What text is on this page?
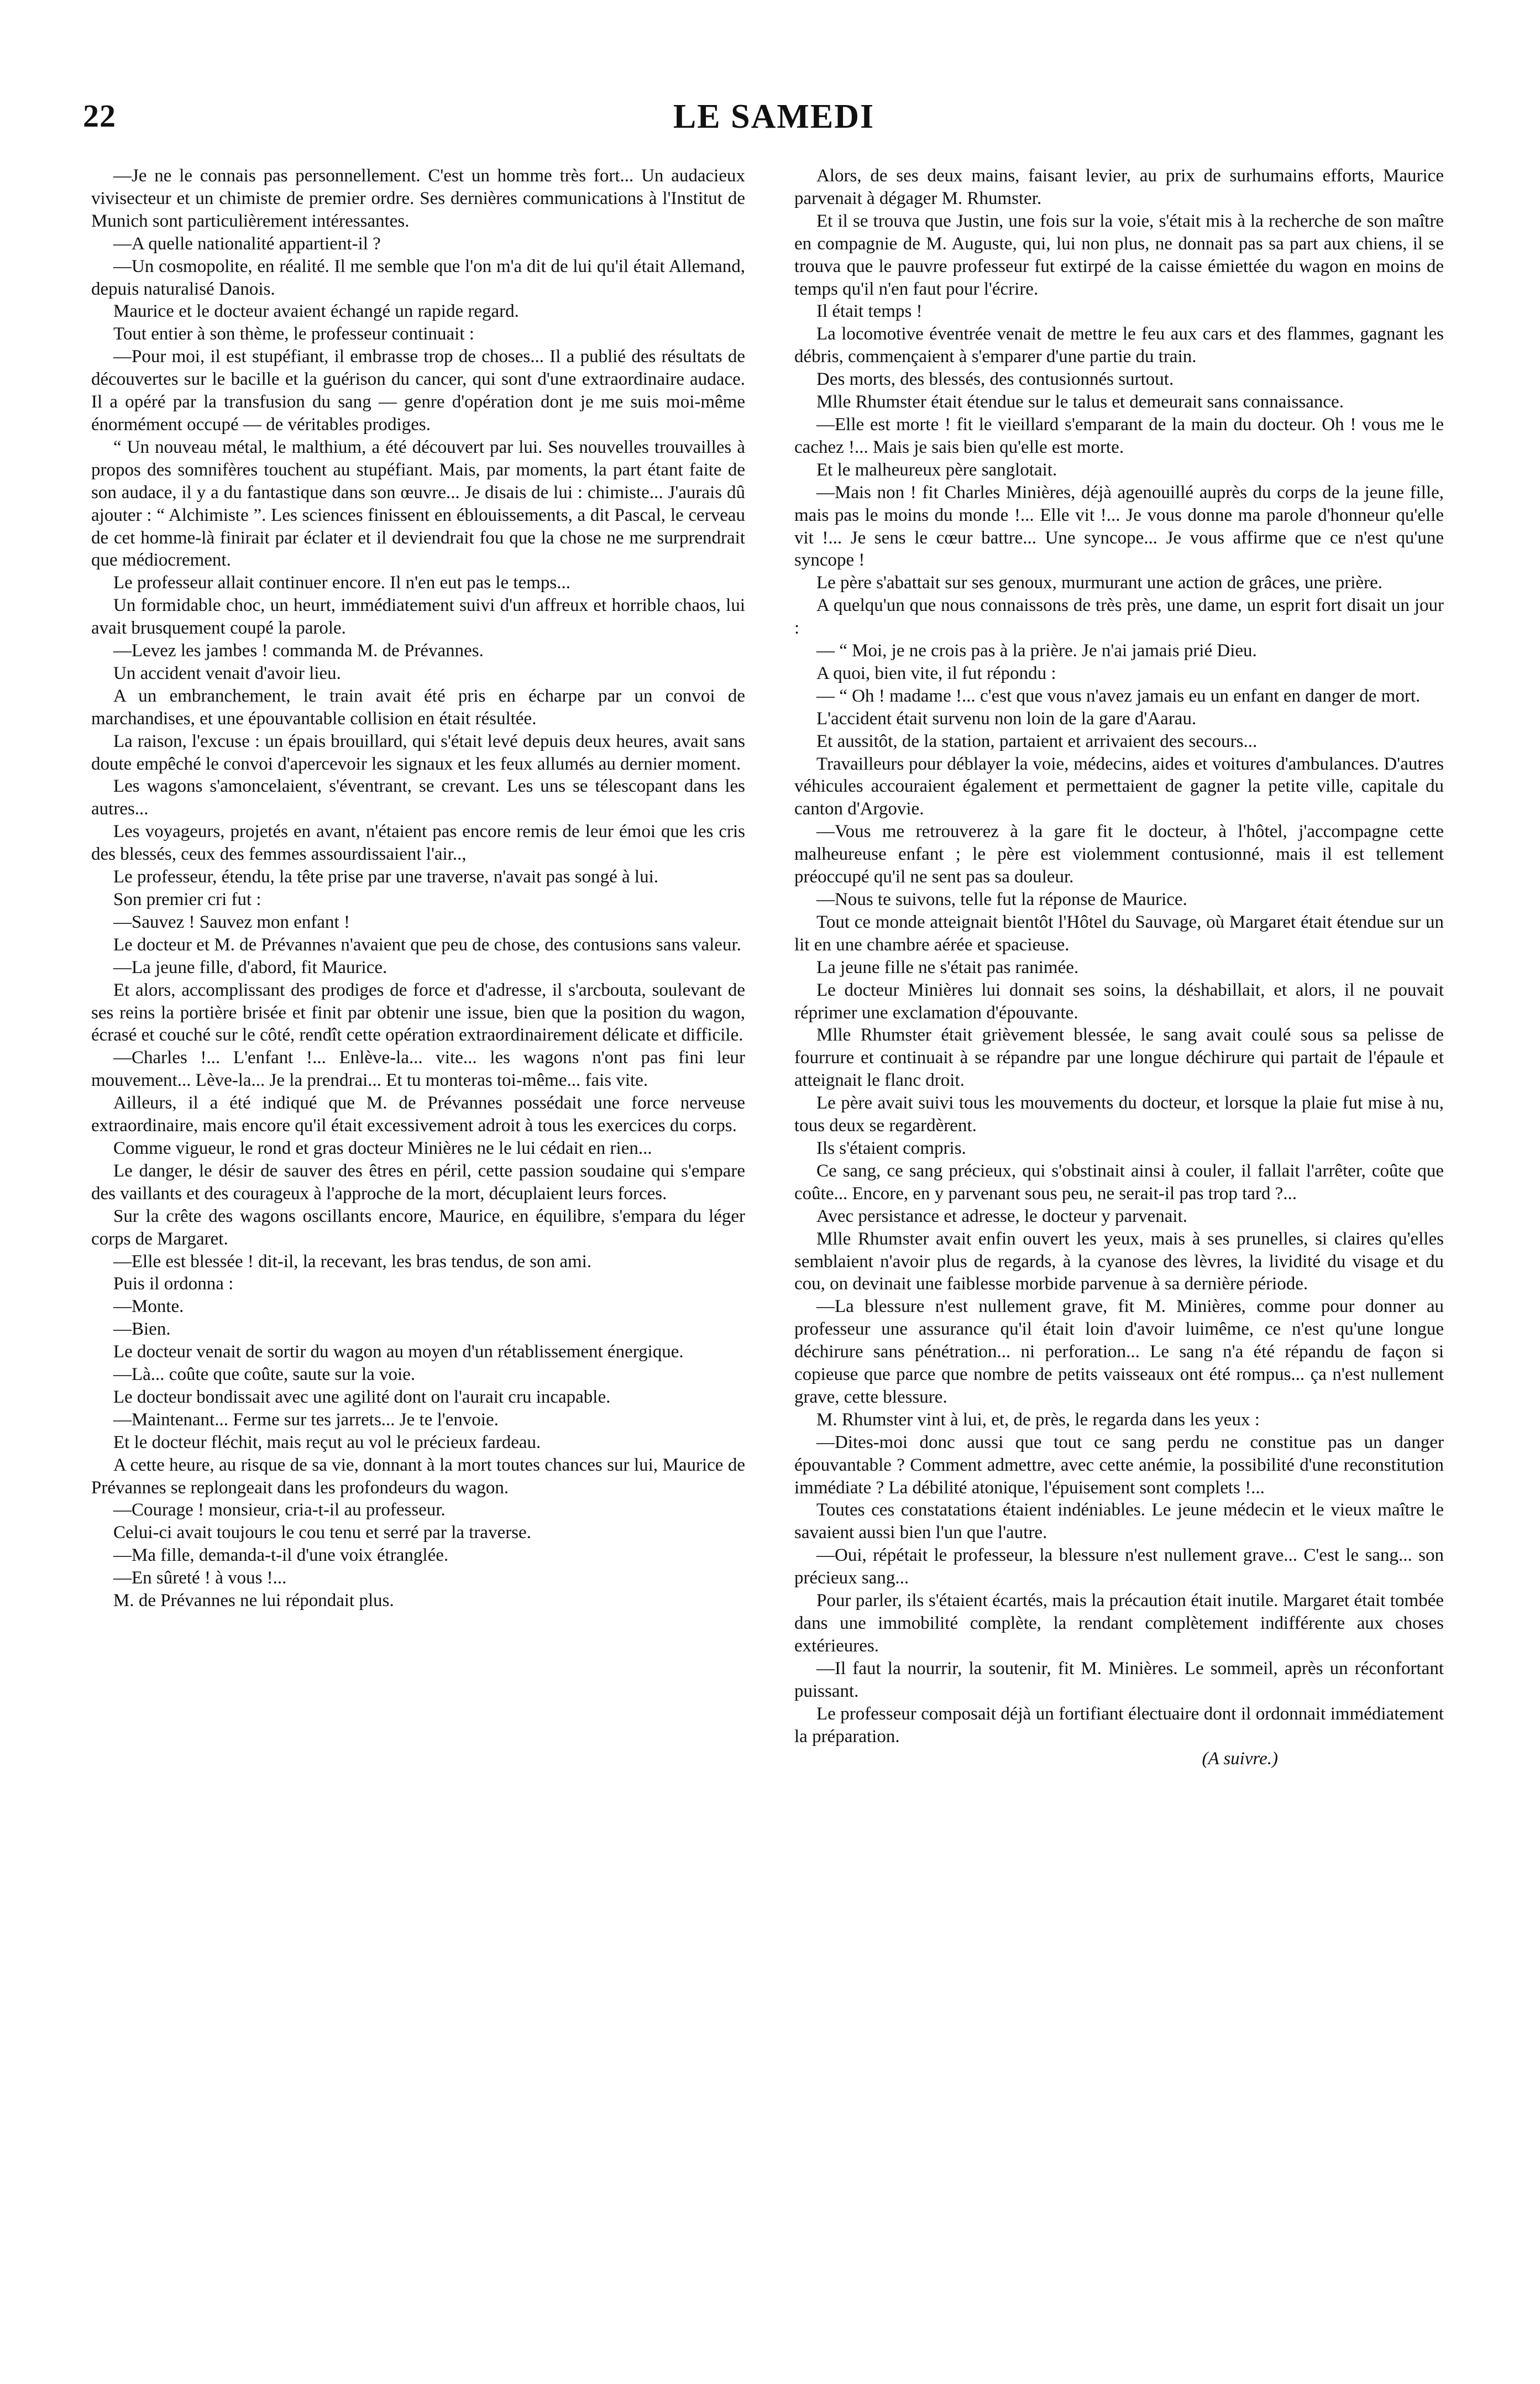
22	LE SAMEDI

—Je ne le connais pas personnellement. C'est un homme très fort... Un audacieux vivisecteur et un chimiste de premier ordre. Ses dernières communications à l'Institut de Munich sont particulièrement intéressantes.

—A quelle nationalité appartient-il ?

—Un cosmopolite, en réalité. Il me semble que l'on m'a dit de lui qu'il était Allemand, depuis naturalisé Danois.

Maurice et le docteur avaient échangé un rapide regard.

Tout entier à son thème, le professeur continuait :

—Pour moi, il est stupéfiant, il embrasse trop de choses... Il a publié des résultats de découvertes sur le bacille et la guérison du cancer, qui sont d'une extraordinaire audace. Il a opéré par la transfusion du sang — genre d'opération dont je me suis moi-même énormément occupé — de véritables prodiges.

“ Un nouveau métal, le malthium, a été découvert par lui. Ses nouvelles trouvailles à propos des somnifères touchent au stupéfiant. Mais, par moments, la part étant faite de son audace, il y a du fantastique dans son œuvre... Je disais de lui : chimiste... J'aurais dû ajouter : “ Alchimiste ”. Les sciences finissent en éblouissements, a dit Pascal, le cerveau de cet homme-là finirait par éclater et il deviendrait fou que la chose ne me surprendrait que médiocrement.

Le professeur allait continuer encore. Il n'en eut pas le temps...

Un formidable choc, un heurt, immédiatement suivi d'un affreux et horrible chaos, lui avait brusquement coupé la parole.

—Levez les jambes ! commanda M. de Prévannes.

Un accident venait d'avoir lieu.

A un embranchement, le train avait été pris en écharpe par un convoi de marchandises, et une épouvantable collision en était résultée.

La raison, l'excuse : un épais brouillard, qui s'était levé depuis deux heures, avait sans doute empêché le convoi d'apercevoir les signaux et les feux allumés au dernier moment.

Les wagons s'amoncelaient, s'éventrant, se crevant. Les uns se télescopant dans les autres...

Les voyageurs, projetés en avant, n'étaient pas encore remis de leur émoi que les cris des blessés, ceux des femmes assourdissaient l'air..,

Le professeur, étendu, la tête prise par une traverse, n'avait pas songé à lui.

Son premier cri fut :

—Sauvez ! Sauvez mon enfant !

Le docteur et M. de Prévannes n'avaient que peu de chose, des contusions sans valeur.

—La jeune fille, d'abord, fit Maurice.

Et alors, accomplissant des prodiges de force et d'adresse, il s'arcbouta, soulevant de ses reins la portière brisée et finit par obtenir une issue, bien que la position du wagon, écrasé et couché sur le côté, rendît cette opération extraordinairement délicate et difficile.

—Charles !... L'enfant !... Enlève-la... vite... les wagons n'ont pas fini leur mouvement... Lève-la... Je la prendrai... Et tu monteras toi-même... fais vite.

Ailleurs, il a été indiqué que M. de Prévannes possédait une force nerveuse extraordinaire, mais encore qu'il était excessivement adroit à tous les exercices du corps.

Comme vigueur, le rond et gras docteur Minières ne le lui cédait en rien...

Le danger, le désir de sauver des êtres en péril, cette passion soudaine qui s'empare des vaillants et des courageux à l'approche de la mort, décuplaient leurs forces.

Sur la crête des wagons oscillants encore, Maurice, en équilibre, s'empara du léger corps de Margaret.

—Elle est blessée ! dit-il, la recevant, les bras tendus, de son ami.

Puis il ordonna :

—Monte.

—Bien.

Le docteur venait de sortir du wagon au moyen d'un rétablissement énergique.

—Là... coûte que coûte, saute sur la voie.

Le docteur bondissait avec une agilité dont on l'aurait cru incapable.

—Maintenant... Ferme sur tes jarrets... Je te l'envoie.

Et le docteur fléchit, mais reçut au vol le précieux fardeau.

A cette heure, au risque de sa vie, donnant à la mort toutes chances sur lui, Maurice de Prévannes se replongeait dans les profondeurs du wagon.

—Courage ! monsieur, cria-t-il au professeur.

Celui-ci avait toujours le cou tenu et serré par la traverse.

—Ma fille, demanda-t-il d'une voix étranglée.

—En sûreté ! à vous !...

M. de Prévannes ne lui répondait plus.

Alors, de ses deux mains, faisant levier, au prix de surhumains efforts, Maurice parvenait à dégager M. Rhumster.

Et il se trouva que Justin, une fois sur la voie, s'était mis à la recherche de son maître en compagnie de M. Auguste, qui, lui non plus, ne donnait pas sa part aux chiens, il se trouva que le pauvre professeur fut extirpé de la caisse émiettée du wagon en moins de temps qu'il n'en faut pour l'écrire.

Il était temps !

La locomotive éventrée venait de mettre le feu aux cars et des flammes, gagnant les débris, commençaient à s'emparer d'une partie du train.

Des morts, des blessés, des contusionnés surtout.

Mlle Rhumster était étendue sur le talus et demeurait sans connaissance.

—Elle est morte ! fit le vieillard s'emparant de la main du docteur. Oh ! vous me le cachez !... Mais je sais bien qu'elle est morte.

Et le malheureux père sanglotait.

—Mais non ! fit Charles Minières, déjà agenouillé auprès du corps de la jeune fille, mais pas le moins du monde !... Elle vit !... Je vous donne ma parole d'honneur qu'elle vit !... Je sens le cœur battre... Une syncope... Je vous affirme que ce n'est qu'une syncope !

Le père s'abattait sur ses genoux, murmurant une action de grâces, une prière.

A quelqu'un que nous connaissons de très près, une dame, un esprit fort disait un jour :

— “ Moi, je ne crois pas à la prière. Je n'ai jamais prié Dieu.

A quoi, bien vite, il fut répondu :

— “ Oh ! madame !... c'est que vous n'avez jamais eu un enfant en danger de mort.

L'accident était survenu non loin de la gare d'Aarau.

Et aussitôt, de la station, partaient et arrivaient des secours...

Travailleurs pour déblayer la voie, médecins, aides et voitures d'ambulances. D'autres véhicules accouraient également et permettaient de gagner la petite ville, capitale du canton d'Argovie.

—Vous me retrouverez à la gare fit le docteur, à l'hôtel, j'accompagne cette malheureuse enfant ; le père est violemment contusionné, mais il est tellement préoccupé qu'il ne sent pas sa douleur.

—Nous te suivons, telle fut la réponse de Maurice.

Tout ce monde atteignait bientôt l'Hôtel du Sauvage, où Margaret était étendue sur un lit en une chambre aérée et spacieuse.

La jeune fille ne s'était pas ranimée.

Le docteur Minières lui donnait ses soins, la déshabillait, et alors, il ne pouvait réprimer une exclamation d'épouvante.

Mlle Rhumster était grièvement blessée, le sang avait coulé sous sa pelisse de fourrure et continuait à se répandre par une longue déchirure qui partait de l'épaule et atteignait le flanc droit.

Le père avait suivi tous les mouvements du docteur, et lorsque la plaie fut mise à nu, tous deux se regardèrent.

Ils s'étaient compris.

Ce sang, ce sang précieux, qui s'obstinait ainsi à couler, il fallait l'arrêter, coûte que coûte... Encore, en y parvenant sous peu, ne serait-il pas trop tard ?...

Avec persistance et adresse, le docteur y parvenait.

Mlle Rhumster avait enfin ouvert les yeux, mais à ses prunelles, si claires qu'elles semblaient n'avoir plus de regards, à la cyanose des lèvres, la lividité du visage et du cou, on devinait une faiblesse morbide parvenue à sa dernière période.

—La blessure n'est nullement grave, fit M. Minières, comme pour donner au professeur une assurance qu'il était loin d'avoir luimême, ce n'est qu'une longue déchirure sans pénétration... ni perforation... Le sang n'a été répandu de façon si copieuse que parce que nombre de petits vaisseaux ont été rompus... ça n'est nullement grave, cette blessure.

M. Rhumster vint à lui, et, de près, le regarda dans les yeux :

—Dites-moi donc aussi que tout ce sang perdu ne constitue pas un danger épouvantable ? Comment admettre, avec cette anémie, la possibilité d'une reconstitution immédiate ? La débilité atonique, l'épuisement sont complets !...

Toutes ces constatations étaient indéniables. Le jeune médecin et le vieux maître le savaient aussi bien l'un que l'autre.

—Oui, répétait le professeur, la blessure n'est nullement grave... C'est le sang... son précieux sang...

Pour parler, ils s'étaient écartés, mais la précaution était inutile. Margaret était tombée dans une immobilité complète, la rendant complètement indifférente aux choses extérieures.

—Il faut la nourrir, la soutenir, fit M. Minières. Le sommeil, après un réconfortant puissant.

Le professeur composait déjà un fortifiant électuaire dont il ordonnait immédiatement la préparation.

(A suivre.)
